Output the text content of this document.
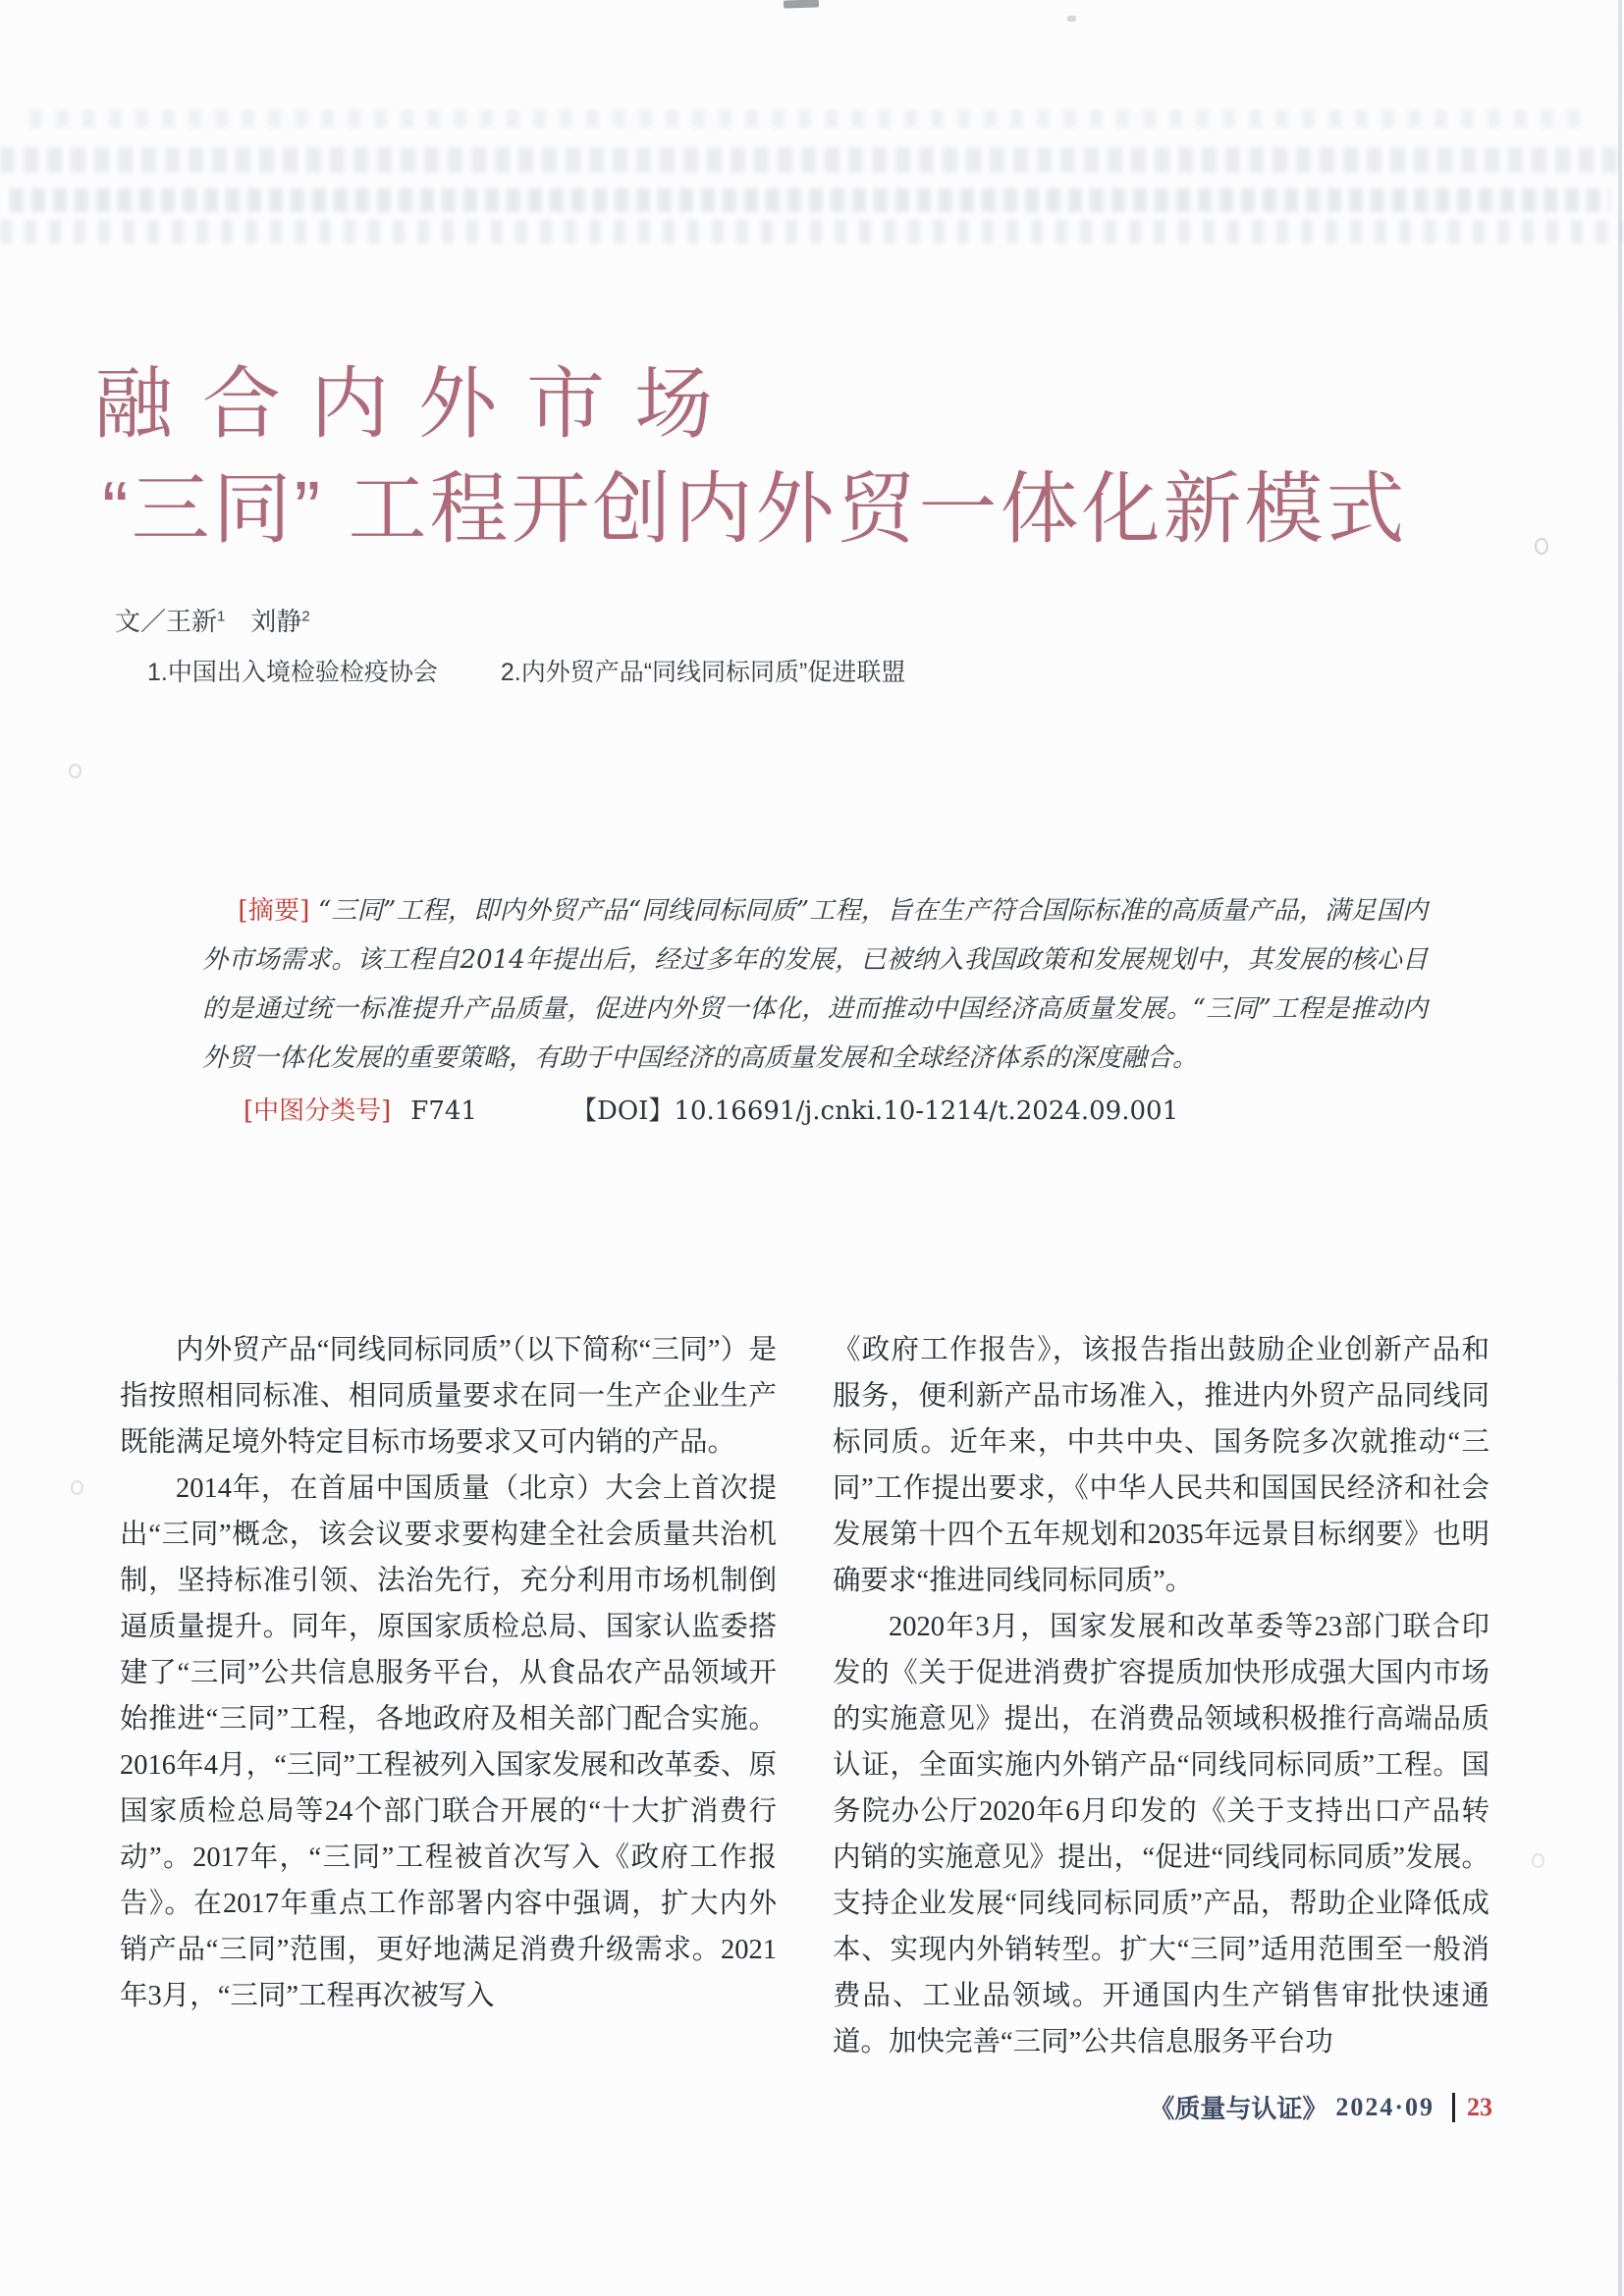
融合内外市场
“三同” 工程开创内外贸一体化新模式
文／王新$^1$ 刘静$^2$
1.中国出入境检验检疫协会	2.内外贸产品“同线同标同质”促进联盟

[摘要] “三同”工程，即内外贸产品“同线同标同质”工程，旨在生产符合国际标准的高质量产品，满足国内外市场需求。该工程自2014年提出后，经过多年的发展，已被纳入我国政策和发展规划中，其发展的核心目的是通过统一标准提升产品质量，促进内外贸一体化，进而推动中国经济高质量发展。“三同”工程是推动内外贸一体化发展的重要策略，有助于中国经济的高质量发展和全球经济体系的深度融合。

[中图分类号] F741	【DOI】10.16691/j.cnki.10-1214/t.2024.09.001

内外贸产品“同线同标同质”（以下简称“三同”）是指按照相同标准、相同质量要求在同一生产企业生产既能满足境外特定目标市场要求又可内销的产品。

2014年，在首届中国质量（北京）大会上首次提出“三同”概念，该会议要求要构建全社会质量共治机制，坚持标准引领、法治先行，充分利用市场机制倒逼质量提升。同年，原国家质检总局、国家认监委搭建了“三同”公共信息服务平台，从食品农产品领域开始推进“三同”工程，各地政府及相关部门配合实施。2016年4月，“三同”工程被列入国家发展和改革委、原国家质检总局等24个部门联合开展的“十大扩消费行动”。2017年，“三同”工程被首次写入《政府工作报告》。在2017年重点工作部署内容中强调，扩大内外销产品“三同”范围，更好地满足消费升级需求。2021年3月，“三同”工程再次被写入

《政府工作报告》，该报告指出鼓励企业创新产品和服务，便利新产品市场准入，推进内外贸产品同线同标同质。近年来，中共中央、国务院多次就推动“三同”工作提出要求，《中华人民共和国国民经济和社会发展第十四个五年规划和2035年远景目标纲要》也明确要求“推进同线同标同质”。

2020年3月，国家发展和改革委等23部门联合印发的《关于促进消费扩容提质加快形成强大国内市场的实施意见》提出，在消费品领域积极推行高端品质认证，全面实施内外销产品“同线同标同质”工程。国务院办公厅2020年6月印发的《关于支持出口产品转内销的实施意见》提出，“促进“同线同标同质”发展。支持企业发展“同线同标同质”产品，帮助企业降低成本、实现内外销转型。扩大“三同”适用范围至一般消费品、工业品领域。开通国内生产销售审批快速通道。加快完善“三同”公共信息服务平台功

《质量与认证》 2024·09 23
